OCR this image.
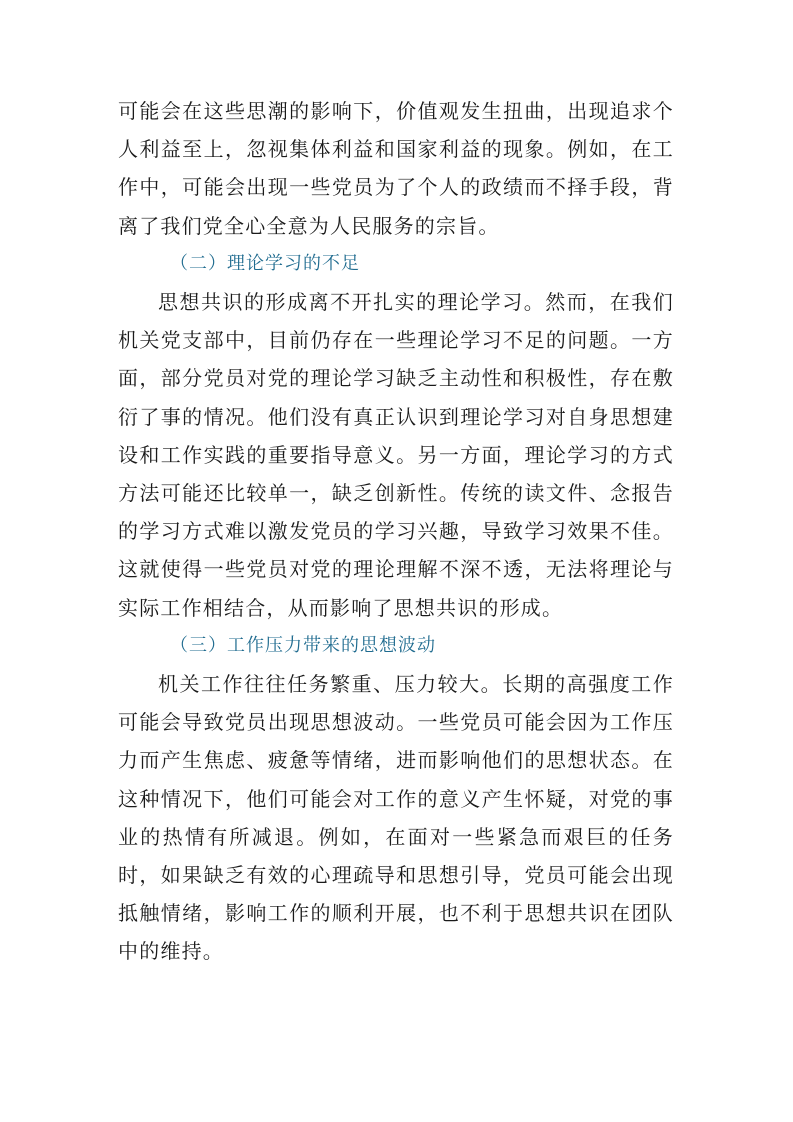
可能会在这些思潮的影响下，价值观发生扭曲，出现追求个人利益至上，忽视集体利益和国家利益的现象。例如，在工作中，可能会出现一些党员为了个人的政绩而不择手段，背离了我们党全心全意为人民服务的宗旨。

（二）理论学习的不足

思想共识的形成离不开扎实的理论学习。然而，在我们机关党支部中，目前仍存在一些理论学习不足的问题。一方面，部分党员对党的理论学习缺乏主动性和积极性，存在敷衍了事的情况。他们没有真正认识到理论学习对自身思想建设和工作实践的重要指导意义。另一方面，理论学习的方式方法可能还比较单一，缺乏创新性。传统的读文件、念报告的学习方式难以激发党员的学习兴趣，导致学习效果不佳。这就使得一些党员对党的理论理解不深不透，无法将理论与实际工作相结合，从而影响了思想共识的形成。

（三）工作压力带来的思想波动

机关工作往往任务繁重、压力较大。长期的高强度工作可能会导致党员出现思想波动。一些党员可能会因为工作压力而产生焦虑、疲惫等情绪，进而影响他们的思想状态。在这种情况下，他们可能会对工作的意义产生怀疑，对党的事业的热情有所减退。例如，在面对一些紧急而艰巨的任务时，如果缺乏有效的心理疏导和思想引导，党员可能会出现抵触情绪，影响工作的顺利开展，也不利于思想共识在团队中的维持。
